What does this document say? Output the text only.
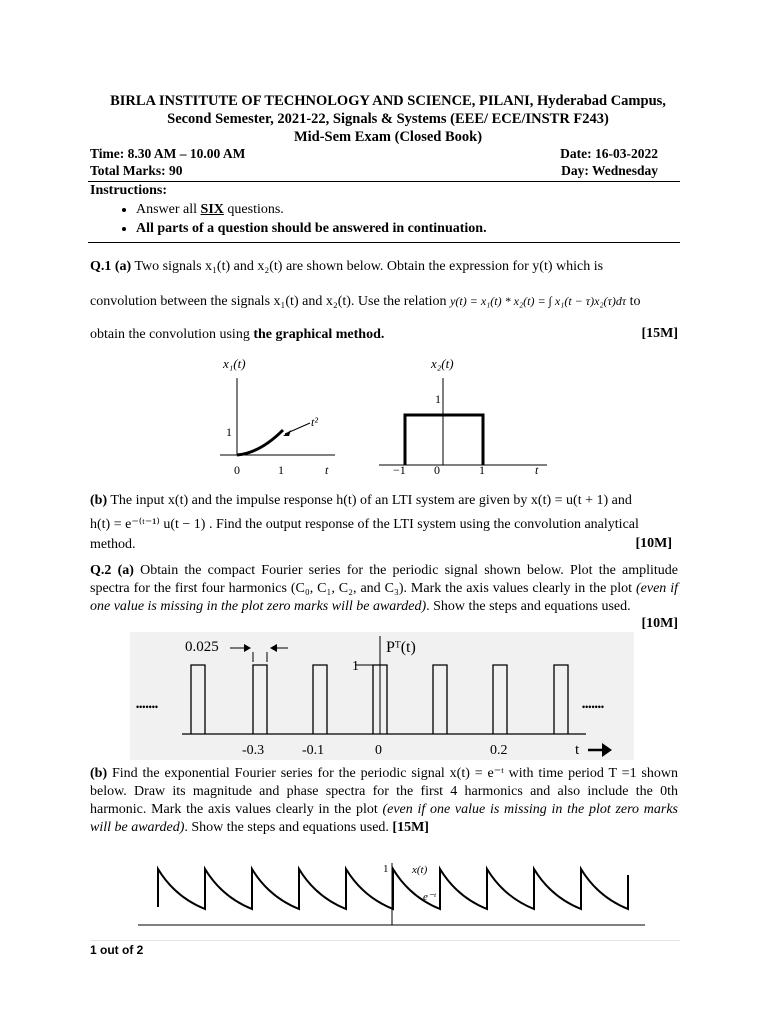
BIRLA INSTITUTE OF TECHNOLOGY AND SCIENCE, PILANI, Hyderabad Campus,
Second Semester, 2021-22, Signals & Systems (EEE/ ECE/INSTR F243)
Mid-Sem Exam (Closed Book)
Time: 8.30 AM – 10.00 AM	Date: 16-03-2022
Total Marks: 90	Day: Wednesday
Instructions:
• Answer all SIX questions.
• All parts of a question should be answered in continuation.
Q.1 (a) Two signals x₁(t) and x₂(t) are shown below. Obtain the expression for y(t) which is
convolution between the signals x₁(t) and x₂(t). Use the relation y(t) = x₁(t) * x₂(t) = ∫ x₁(t − τ)x₂(τ)dτ to
obtain the convolution using the graphical method.	[15M]
x₁(t)
1
0	1	t
t²
x₂(t)
1
−1 0	1	t
(b) The input x(t) and the impulse response h(t) of an LTI system are given by x(t) = u(t + 1) and
h(t) = e⁻⁽ᵗ⁻¹⁾ u(t − 1) . Find the output response of the LTI system using the convolution analytical
method.	[10M]
Q.2 (a) Obtain the compact Fourier series for the periodic signal shown below. Plot the amplitude spectra for the first four harmonics (C₀, C₁, C₂, and C₃). Mark the axis values clearly in the plot (even if one value is missing in the plot zero marks will be awarded). Show the steps and equations used.
[10M]
0.025	Pᵀ(t)
1
•••••••	•••••••
-0.3	-0.1	0	0.2	t
(b) Find the exponential Fourier series for the periodic signal x(t) = e⁻ᵗ with time period T =1 shown below. Draw its magnitude and phase spectra for the first 4 harmonics and also include the 0th harmonic. Mark the axis values clearly in the plot (even if one value is missing in the plot zero marks will be awarded). Show the steps and equations used. [15M]
1 x(t)
e⁻ᵗ
1 out of 2
